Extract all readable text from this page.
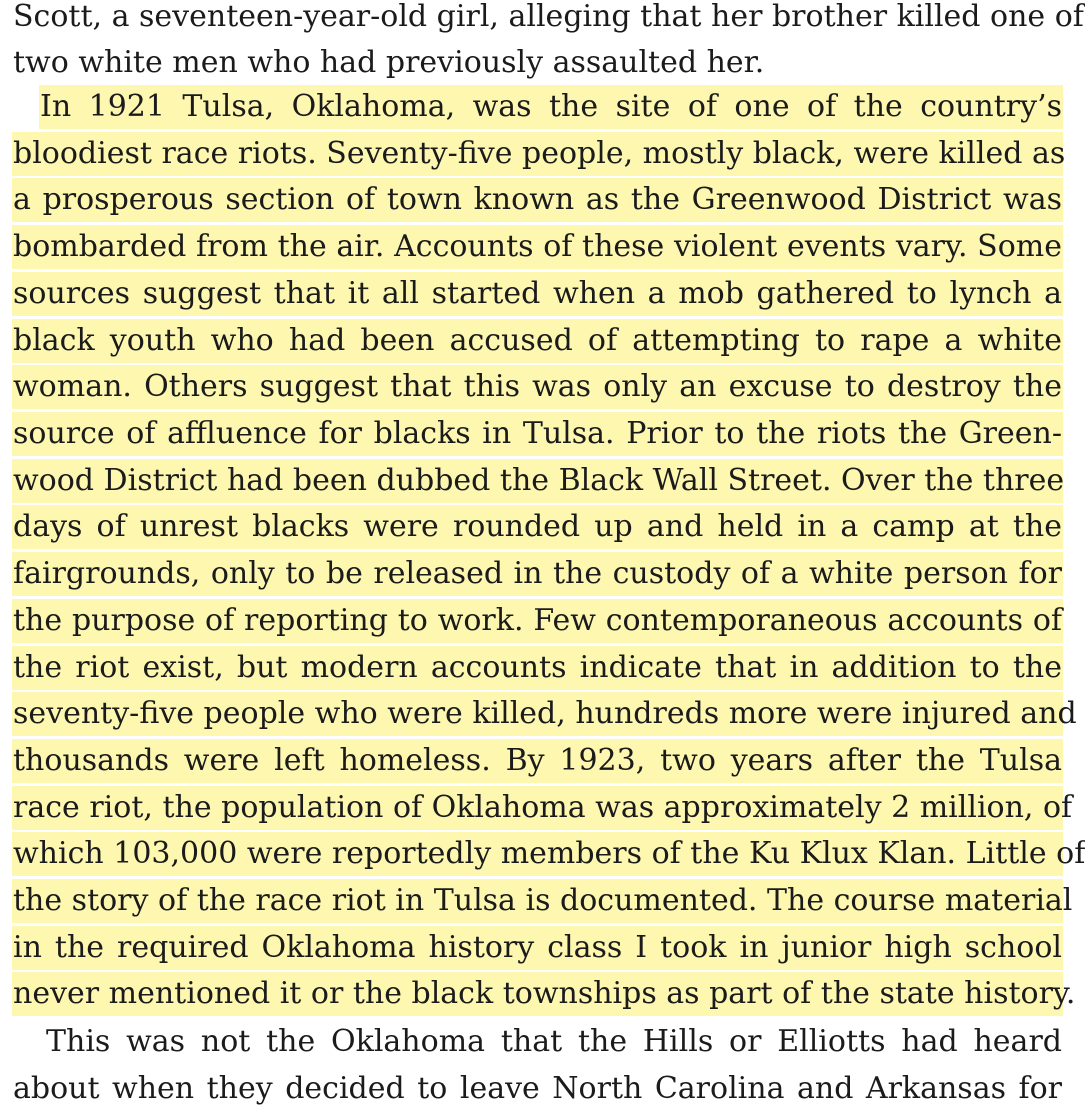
Scott, a seventeen-year-old girl, alleging that her brother killed one of
two white men who had previously assaulted her.
In 1921 Tulsa, Oklahoma, was the site of one of the country’s
bloodiest race riots. Seventy-five people, mostly black, were killed as
a prosperous section of town known as the Greenwood District was
bombarded from the air. Accounts of these violent events vary. Some
sources suggest that it all started when a mob gathered to lynch a
black youth who had been accused of attempting to rape a white
woman. Others suggest that this was only an excuse to destroy the
source of affluence for blacks in Tulsa. Prior to the riots the Green-
wood District had been dubbed the Black Wall Street. Over the three
days of unrest blacks were rounded up and held in a camp at the
fairgrounds, only to be released in the custody of a white person for
the purpose of reporting to work. Few contemporaneous accounts of
the riot exist, but modern accounts indicate that in addition to the
seventy-five people who were killed, hundreds more were injured and
thousands were left homeless. By 1923, two years after the Tulsa
race riot, the population of Oklahoma was approximately 2 million, of
which 103,000 were reportedly members of the Ku Klux Klan. Little of
the story of the race riot in Tulsa is documented. The course material
in the required Oklahoma history class I took in junior high school
never mentioned it or the black townships as part of the state history.
This was not the Oklahoma that the Hills or Elliotts had heard
about when they decided to leave North Carolina and Arkansas for
